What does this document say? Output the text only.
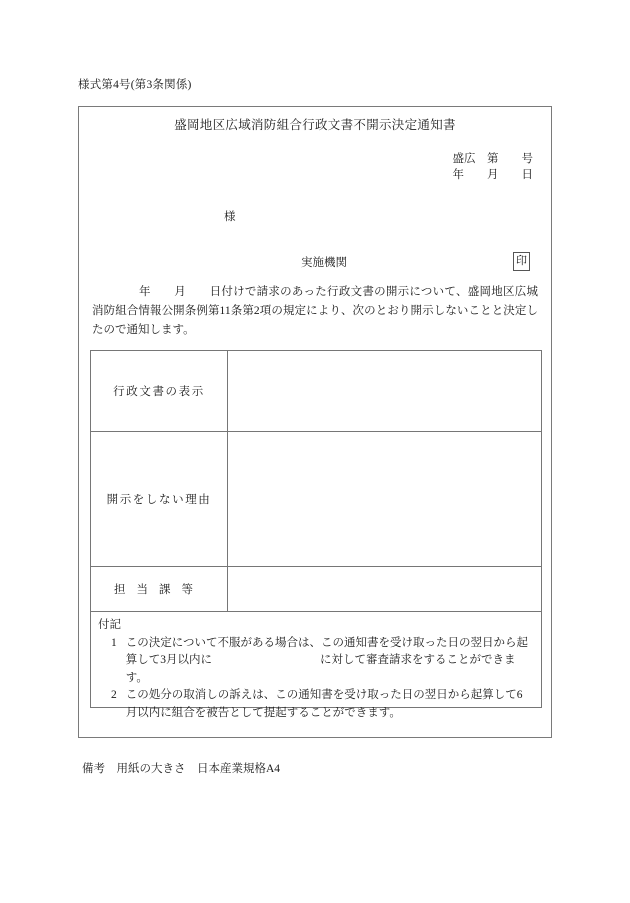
様式第4号(第3条関係)
盛岡地区広域消防組合行政文書不開示決定通知書
盛広　第　　号
年　　月　　日
様
実施機関	印
　　　　年　　月　　日付けで請求のあった行政文書の開示について、盛岡地区広城消防組合情報公開条例第11条第2項の規定により、次のとおり開示しないことと決定したので通知します。
行政文書の表示	
開示をしない理由	
担当課等	
付記
1 この決定について不服がある場合は、この通知書を受け取った日の翌日から起算して3月以内に	に対して審査請求をすることができます。
2 この処分の取消しの訴えは、この通知書を受け取った日の翌日から起算して6月以内に組合を被告として提起することができます。
備考　用紙の大きさ　日本産業規格A4
